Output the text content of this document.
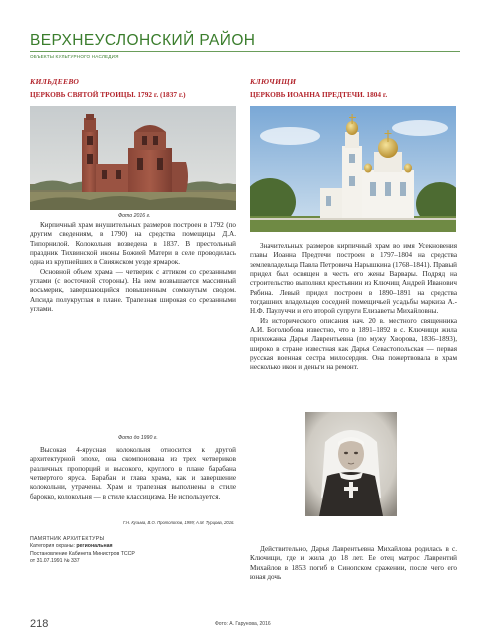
ВЕРХНЕУСЛОНСКИЙ РАЙОН
ОБЪЕКТЫ КУЛЬТУРНОГО НАСЛЕДИЯ
КИЛЬДЕЕВО
ЦЕРКОВЬ СВЯТОЙ ТРОИЦЫ. 1792 г. (1837 г.)
КЛЮЧИЩИ
ЦЕРКОВЬ ИОАННА ПРЕДТЕЧИ. 1804 г.
Фото 2016 г.

Кирпичный храм внушительных размеров построен в 1792 (по другим сведениям, в 1790) на средства помещицы Д.А. Типорнилой. Колокольня возведена в 1837. В престольный праздник Тихвинской иконы Божией Матери в селе проводилась одна из крупнейших в Свияжском уезде ярмарок.

Основной объем храма — четверик с аттиком со срезанными углами (с восточной стороны). На нем возвышается массивный восьмерик, завершающийся повышенным сомкнутым сводом. Апсида полукруглая в плане. Трапезная широкая со срезанными углами.

Фото до 1990 г.

Высокая 4-ярусная колокольня относится к другой архитектурной эпохе, она скомпонована из трех четвериков различных пропорций и высокого, круглого в плане барабана четвертого яруса. Барабан и глава храма, как и завершение колокольни, утрачены. Храм и трапезная выполнены в стиле барокко, колокольня — в стиле классицизма. Не используется.

Г.Н. Кузьма, В.О. Протопопов, 1999; А.М. Турцова, 2016.
ПАМЯТНИК АРХИТЕКТУРЫ
Категория охраны: региональная
Постановление Кабинета Министров ТССР
от 31.07.1991 № 337

Значительных размеров кирпичный храм во имя Усекновения главы Иоанна Предтечи построен в 1797–1804 на средства землевладельца Павла Петровича Нарышкина (1768–1841). Правый придел был освящен в честь его жены Варвары. Подряд на строительство выполнял крестьянин из Ключищ Андрей Иванович Рябина. Левый придел построен в 1890–1891 на средства тогдашних владельцев соседней помещичьей усадьбы маркиза А.-Н.Ф. Паулуччи и его второй супруги Елизаветы Михайловны.

Из исторического описания нач. 20 в. местного священника А.И. Боголюбова известно, что в 1891–1892 в с. Ключищи жила прихожанка Дарья Лаврентьевна (по мужу Хворова, 1836–1893), широко в стране известная как Дарья Севастопольская — первая русская военная сестра милосердия. Она пожертвовала в храм несколько икон и деньги на ремонт.

Действительно, Дарья Лаврентьевна Михайлова родилась в с. Ключищи, где и жила до 18 лет. Ее отец матрос Лаврентий Михайлов в 1853 погиб в Синопском сражении, после чего его юная дочь

218	Фото: А. Гарунова, 2016
